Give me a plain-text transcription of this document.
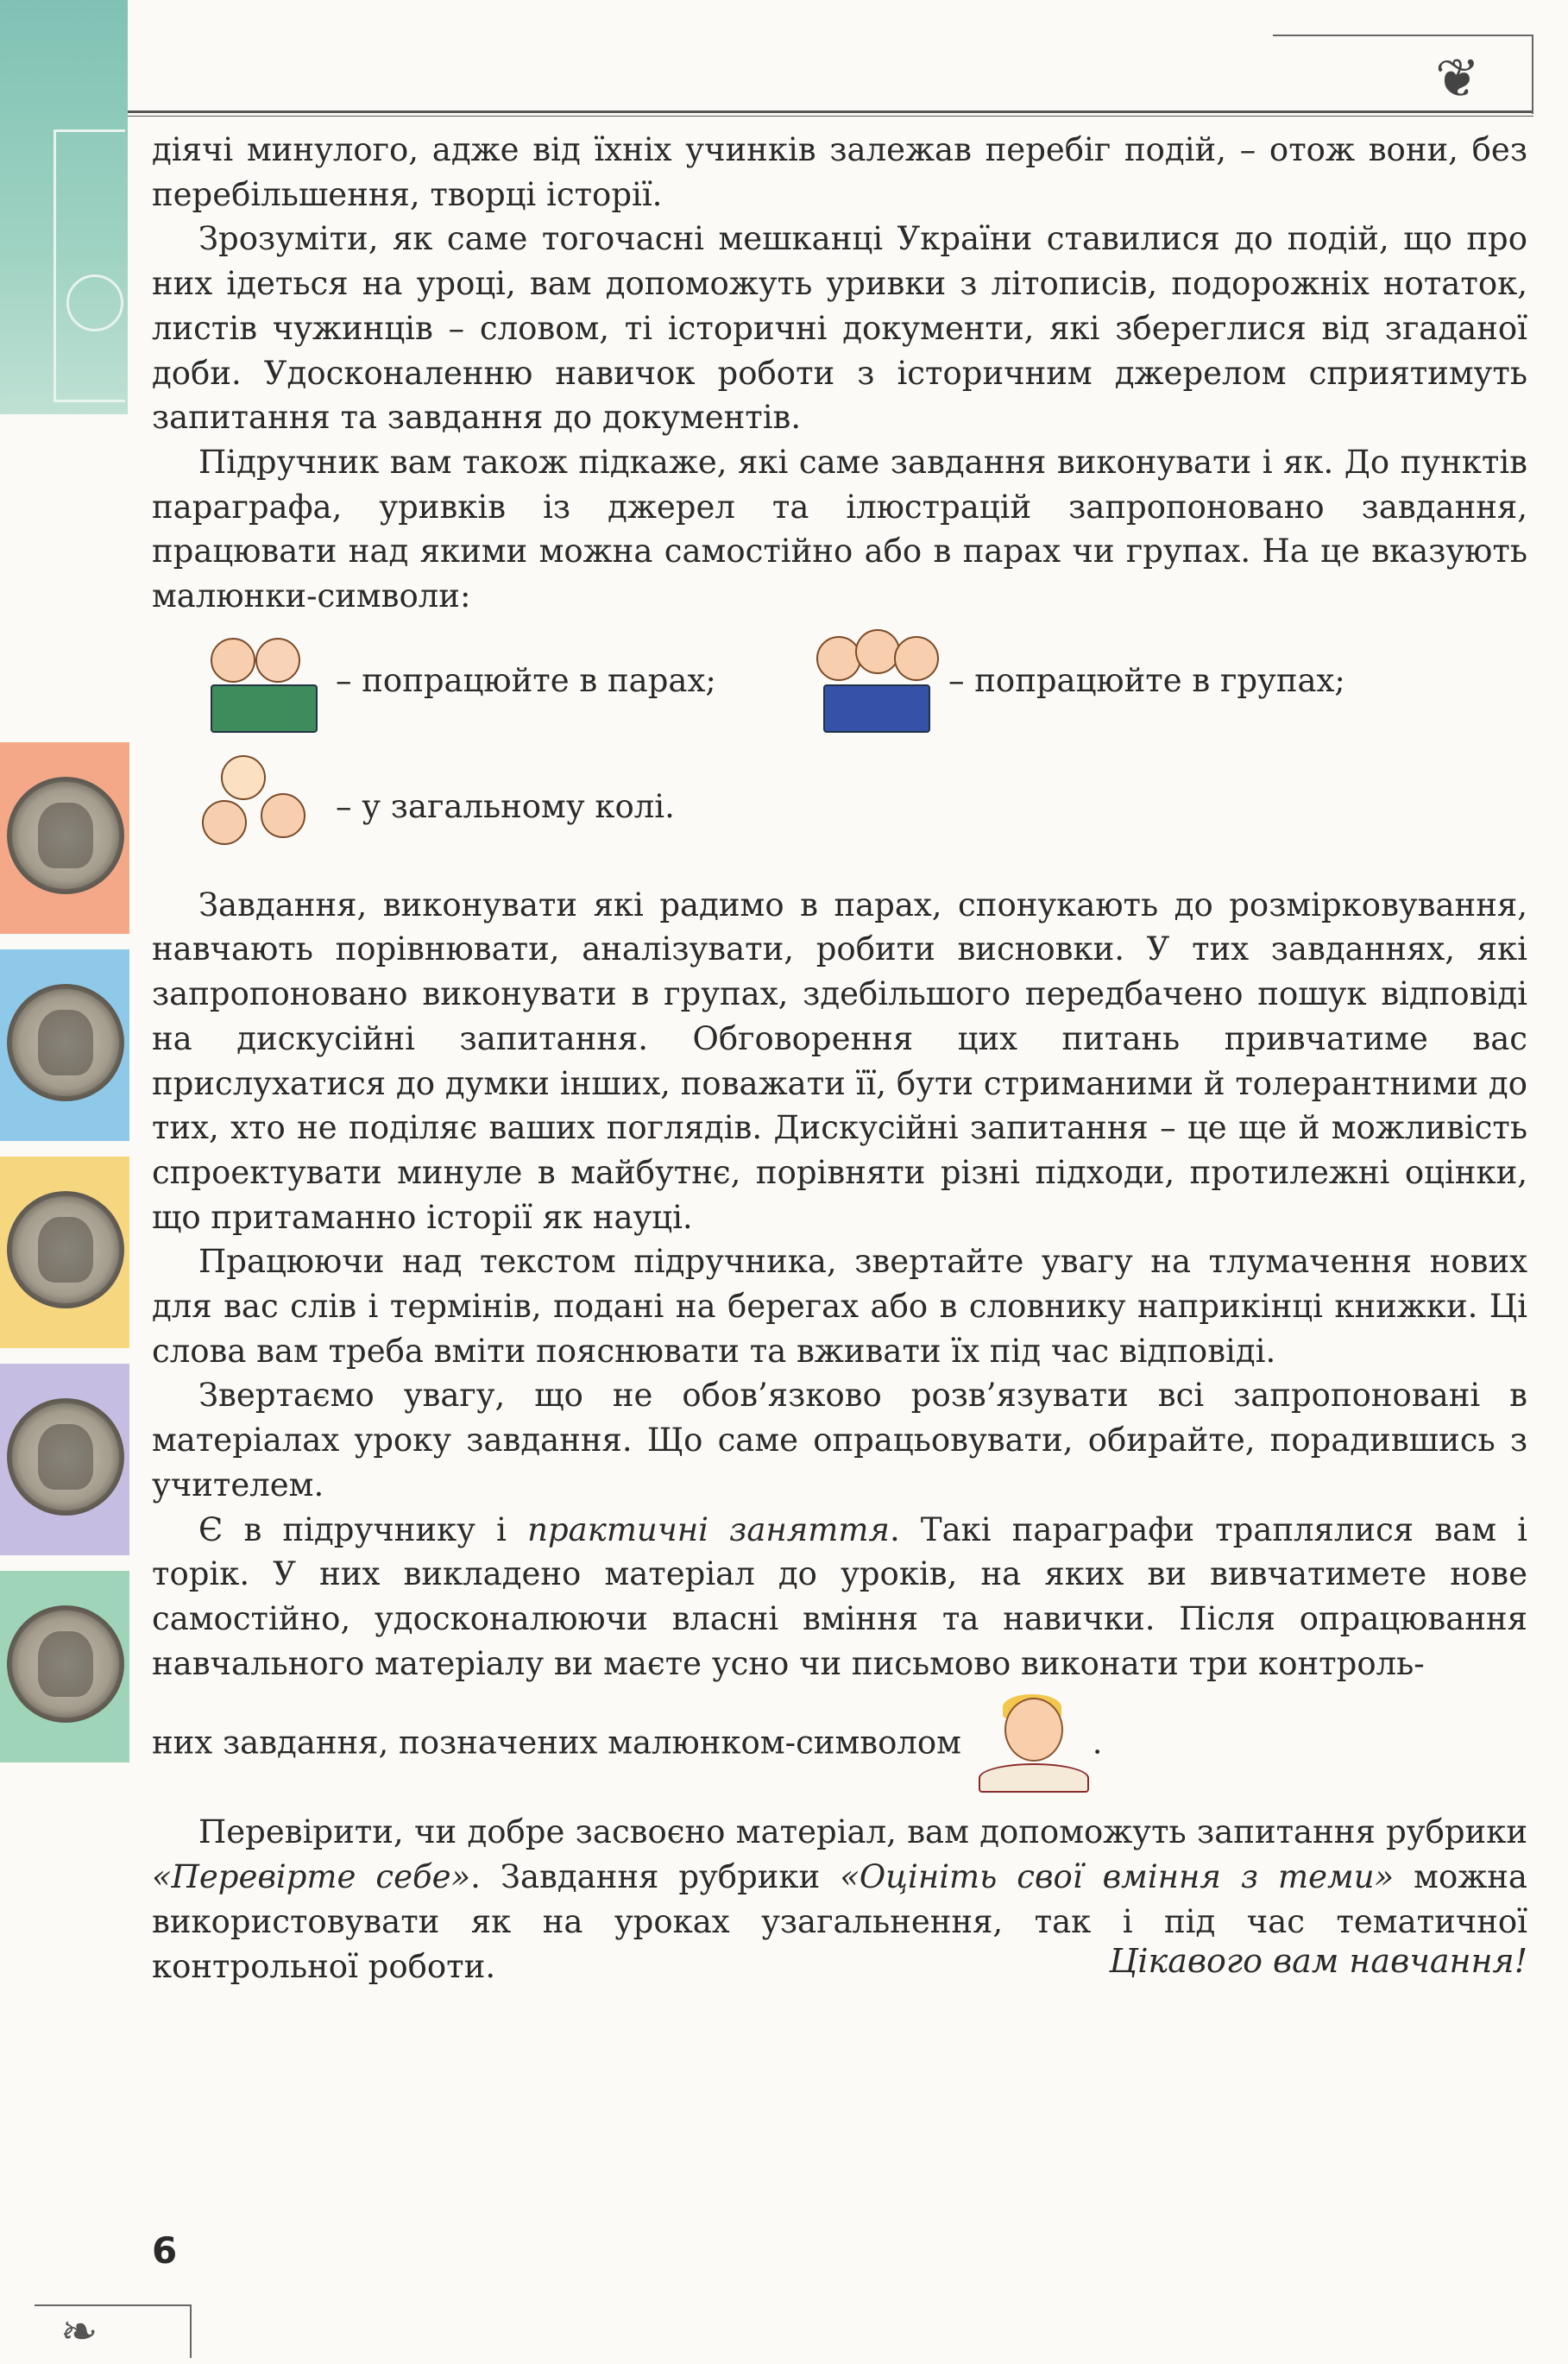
❦

діячі минулого, адже від їхніх учинків залежав перебіг подій, – отож вони, без перебільшення, творці історії.

Зрозуміти, як саме тогочасні мешканці України ставилися до подій, що про них ідеться на уроці, вам допоможуть уривки з літописів, подорожніх нотаток, листів чужинців – словом, ті історичні документи, які збереглися від згаданої доби. Удосконаленню навичок роботи з історичним джерелом сприятимуть запитання та завдання до документів.

Підручник вам також підкаже, які саме завдання виконувати і як. До пунктів параграфа, уривків із джерел та ілюстрацій запропоновано завдання, працювати над якими можна самостійно або в парах чи групах. На це вказують малюнки-символи:

– попрацюйте в парах;	– попрацюйте в групах;
– у загальному колі.

Завдання, виконувати які радимо в парах, спонукають до розмірковування, навчають порівнювати, аналізувати, робити висновки. У тих завданнях, які запропоновано виконувати в групах, здебільшого передбачено пошук відповіді на дискусійні запитання. Обговорення цих питань привчатиме вас прислухатися до думки інших, поважати її, бути стриманими й толерантними до тих, хто не поділяє ваших поглядів. Дискусійні запитання – це ще й можливість спроектувати минуле в майбутнє, порівняти різні підходи, протилежні оцінки, що притаманно історії як науці.

Працюючи над текстом підручника, звертайте увагу на тлумачення нових для вас слів і термінів, подані на берегах або в словнику наприкінці книжки. Ці слова вам треба вміти пояснювати та вживати їх під час відповіді.

Звертаємо увагу, що не обов’язково розв’язувати всі запропоновані в матеріалах уроку завдання. Що саме опрацьовувати, обирайте, порадившись з учителем.

Є в підручнику і практичні заняття. Такі параграфи траплялися вам і торік. У них викладено матеріал до уроків, на яких ви вивчатимете нове самостійно, удосконалюючи власні вміння та навички. Після опрацювання навчального матеріалу ви маєте усно чи письмово виконати три контроль-

них завдання, позначених малюнком-символом	.

Перевірити, чи добре засвоєно матеріал, вам допоможуть запитання рубрики «Перевірте себе». Завдання рубрики «Оцініть свої вміння з теми» можна використовувати як на уроках узагальнення, так і під час тематичної контрольної роботи.	Цікавого вам навчання!
6
❧
